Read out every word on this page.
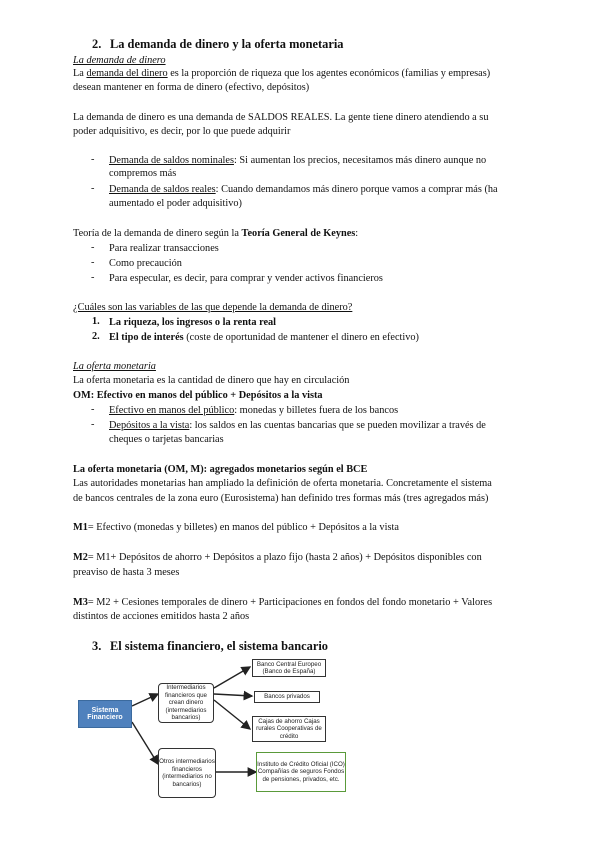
2. La demanda de dinero y la oferta monetaria
La demanda de dinero
La demanda del dinero es la proporción de riqueza que los agentes económicos (familias y empresas)
desean mantener en forma de dinero (efectivo, depósitos)
La demanda de dinero es una demanda de SALDOS REALES. La gente tiene dinero atendiendo a su
poder adquisitivo, es decir, por lo que puede adquirir
- Demanda de saldos nominales: Si aumentan los precios, necesitamos más dinero aunque no
compremos más
- Demanda de saldos reales: Cuando demandamos más dinero porque vamos a comprar más (ha
aumentado el poder adquisitivo)
Teoría de la demanda de dinero según la Teoría General de Keynes:
- Para realizar transacciones
- Como precaución
- Para especular, es decir, para comprar y vender activos financieros
¿Cuáles son las variables de las que depende la demanda de dinero?
1. La riqueza, los ingresos o la renta real
2. El tipo de interés (coste de oportunidad de mantener el dinero en efectivo)
La oferta monetaria
La oferta monetaria es la cantidad de dinero que hay en circulación
OM: Efectivo en manos del público + Depósitos a la vista
- Efectivo en manos del público: monedas y billetes fuera de los bancos
- Depósitos a la vista: los saldos en las cuentas bancarias que se pueden movilizar a través de
cheques o tarjetas bancarias
La oferta monetaria (OM, M): agregados monetarios según el BCE
Las autoridades monetarias han ampliado la definición de oferta monetaria. Concretamente el sistema
de bancos centrales de la zona euro (Eurosistema) han definido tres formas más (tres agregados más)
M1= Efectivo (monedas y billetes) en manos del público + Depósitos a la vista
M2= M1+ Depósitos de ahorro + Depósitos a plazo fijo (hasta 2 años) + Depósitos disponibles con
preaviso de hasta 3 meses
M3= M2 + Cesiones temporales de dinero + Participaciones en fondos del fondo monetario + Valores
distintos de acciones emitidos hasta 2 años
3. El sistema financiero, el sistema bancario
Sistema Financiero
Intermediarios financieros que crean dinero (intermediarios bancarios)
Otros intermediarios financieros (intermediarios no bancarios)
Banco Central Europeo (Banco de España)
Bancos privados
Cajas de ahorro Cajas rurales Cooperativas de crédito
Instituto de Crédito Oficial (ICO) Compañías de seguros Fondos de pensiones, privados, etc.
